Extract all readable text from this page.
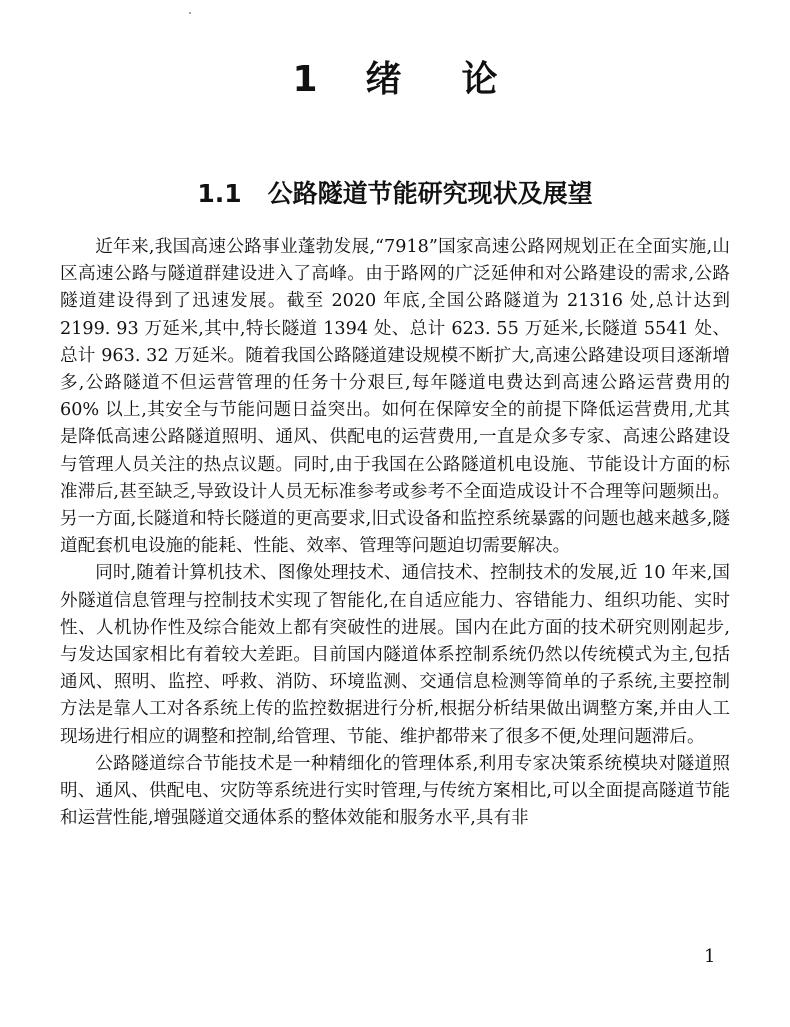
1 绪 论
1.1 公路隧道节能研究现状及展望

近年来,我国高速公路事业蓬勃发展,“7918”国家高速公路网规划正在全面实施,山区高速公路与隧道群建设进入了高峰。由于路网的广泛延伸和对公路建设的需求,公路隧道建设得到了迅速发展。截至 2020 年底,全国公路隧道为 21316 处,总计达到 2199. 93 万延米,其中,特长隧道 1394 处、总计 623. 55 万延米,长隧道 5541 处、总计 963. 32 万延米。随着我国公路隧道建设规模不断扩大,高速公路建设项目逐渐增多,公路隧道不但运营管理的任务十分艰巨,每年隧道电费达到高速公路运营费用的 60% 以上,其安全与节能问题日益突出。如何在保障安全的前提下降低运营费用,尤其是降低高速公路隧道照明、通风、供配电的运营费用,一直是众多专家、高速公路建设与管理人员关注的热点议题。同时,由于我国在公路隧道机电设施、节能设计方面的标准滞后,甚至缺乏,导致设计人员无标准参考或参考不全面造成设计不合理等问题频出。另一方面,长隧道和特长隧道的更高要求,旧式设备和监控系统暴露的问题也越来越多,隧道配套机电设施的能耗、性能、效率、管理等问题迫切需要解决。

同时,随着计算机技术、图像处理技术、通信技术、控制技术的发展,近 10 年来,国外隧道信息管理与控制技术实现了智能化,在自适应能力、容错能力、组织功能、实时性、人机协作性及综合能效上都有突破性的进展。国内在此方面的技术研究则刚起步,与发达国家相比有着较大差距。目前国内隧道体系控制系统仍然以传统模式为主,包括通风、照明、监控、呼救、消防、环境监测、交通信息检测等简单的子系统,主要控制方法是靠人工对各系统上传的监控数据进行分析,根据分析结果做出调整方案,并由人工现场进行相应的调整和控制,给管理、节能、维护都带来了很多不便,处理问题滞后。

公路隧道综合节能技术是一种精细化的管理体系,利用专家决策系统模块对隧道照明、通风、供配电、灾防等系统进行实时管理,与传统方案相比,可以全面提高隧道节能和运营性能,增强隧道交通体系的整体效能和服务水平,具有非

1
